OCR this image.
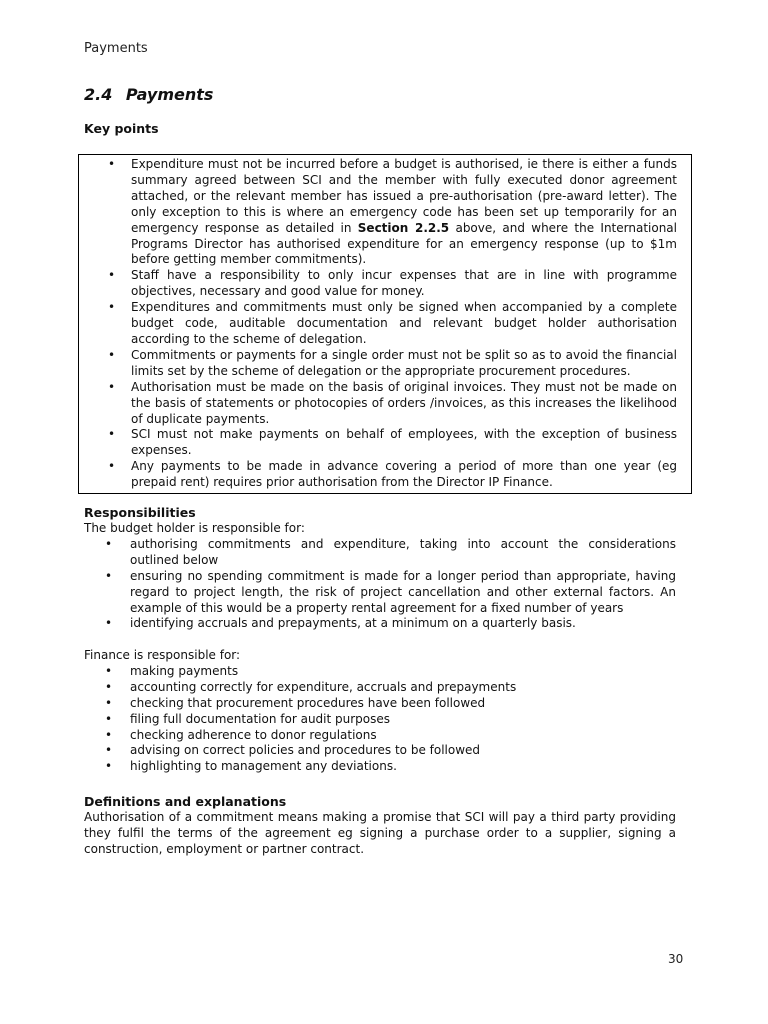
Payments
2.4 Payments
Key points
• Expenditure must not be incurred before a budget is authorised, ie there is either a funds summary agreed between SCI and the member with fully executed donor agreement attached, or the relevant member has issued a pre-authorisation (pre-award letter). The only exception to this is where an emergency code has been set up temporarily for an emergency response as detailed in Section 2.2.5 above, and where the International Programs Director has authorised expenditure for an emergency response (up to $1m before getting member commitments).
• Staff have a responsibility to only incur expenses that are in line with programme objectives, necessary and good value for money.
• Expenditures and commitments must only be signed when accompanied by a complete budget code, auditable documentation and relevant budget holder authorisation according to the scheme of delegation.
• Commitments or payments for a single order must not be split so as to avoid the financial limits set by the scheme of delegation or the appropriate procurement procedures.
• Authorisation must be made on the basis of original invoices. They must not be made on the basis of statements or photocopies of orders /invoices, as this increases the likelihood of duplicate payments.
• SCI must not make payments on behalf of employees, with the exception of business expenses.
• Any payments to be made in advance covering a period of more than one year (eg prepaid rent) requires prior authorisation from the Director IP Finance.
Responsibilities
The budget holder is responsible for:
• authorising commitments and expenditure, taking into account the considerations outlined below
• ensuring no spending commitment is made for a longer period than appropriate, having regard to project length, the risk of project cancellation and other external factors. An example of this would be a property rental agreement for a fixed number of years
• identifying accruals and prepayments, at a minimum on a quarterly basis.
Finance is responsible for:
• making payments
• accounting correctly for expenditure, accruals and prepayments
• checking that procurement procedures have been followed
• filing full documentation for audit purposes
• checking adherence to donor regulations
• advising on correct policies and procedures to be followed
• highlighting to management any deviations.
Definitions and explanations
Authorisation of a commitment means making a promise that SCI will pay a third party providing they fulfil the terms of the agreement eg signing a purchase order to a supplier, signing a construction, employment or partner contract.
30
